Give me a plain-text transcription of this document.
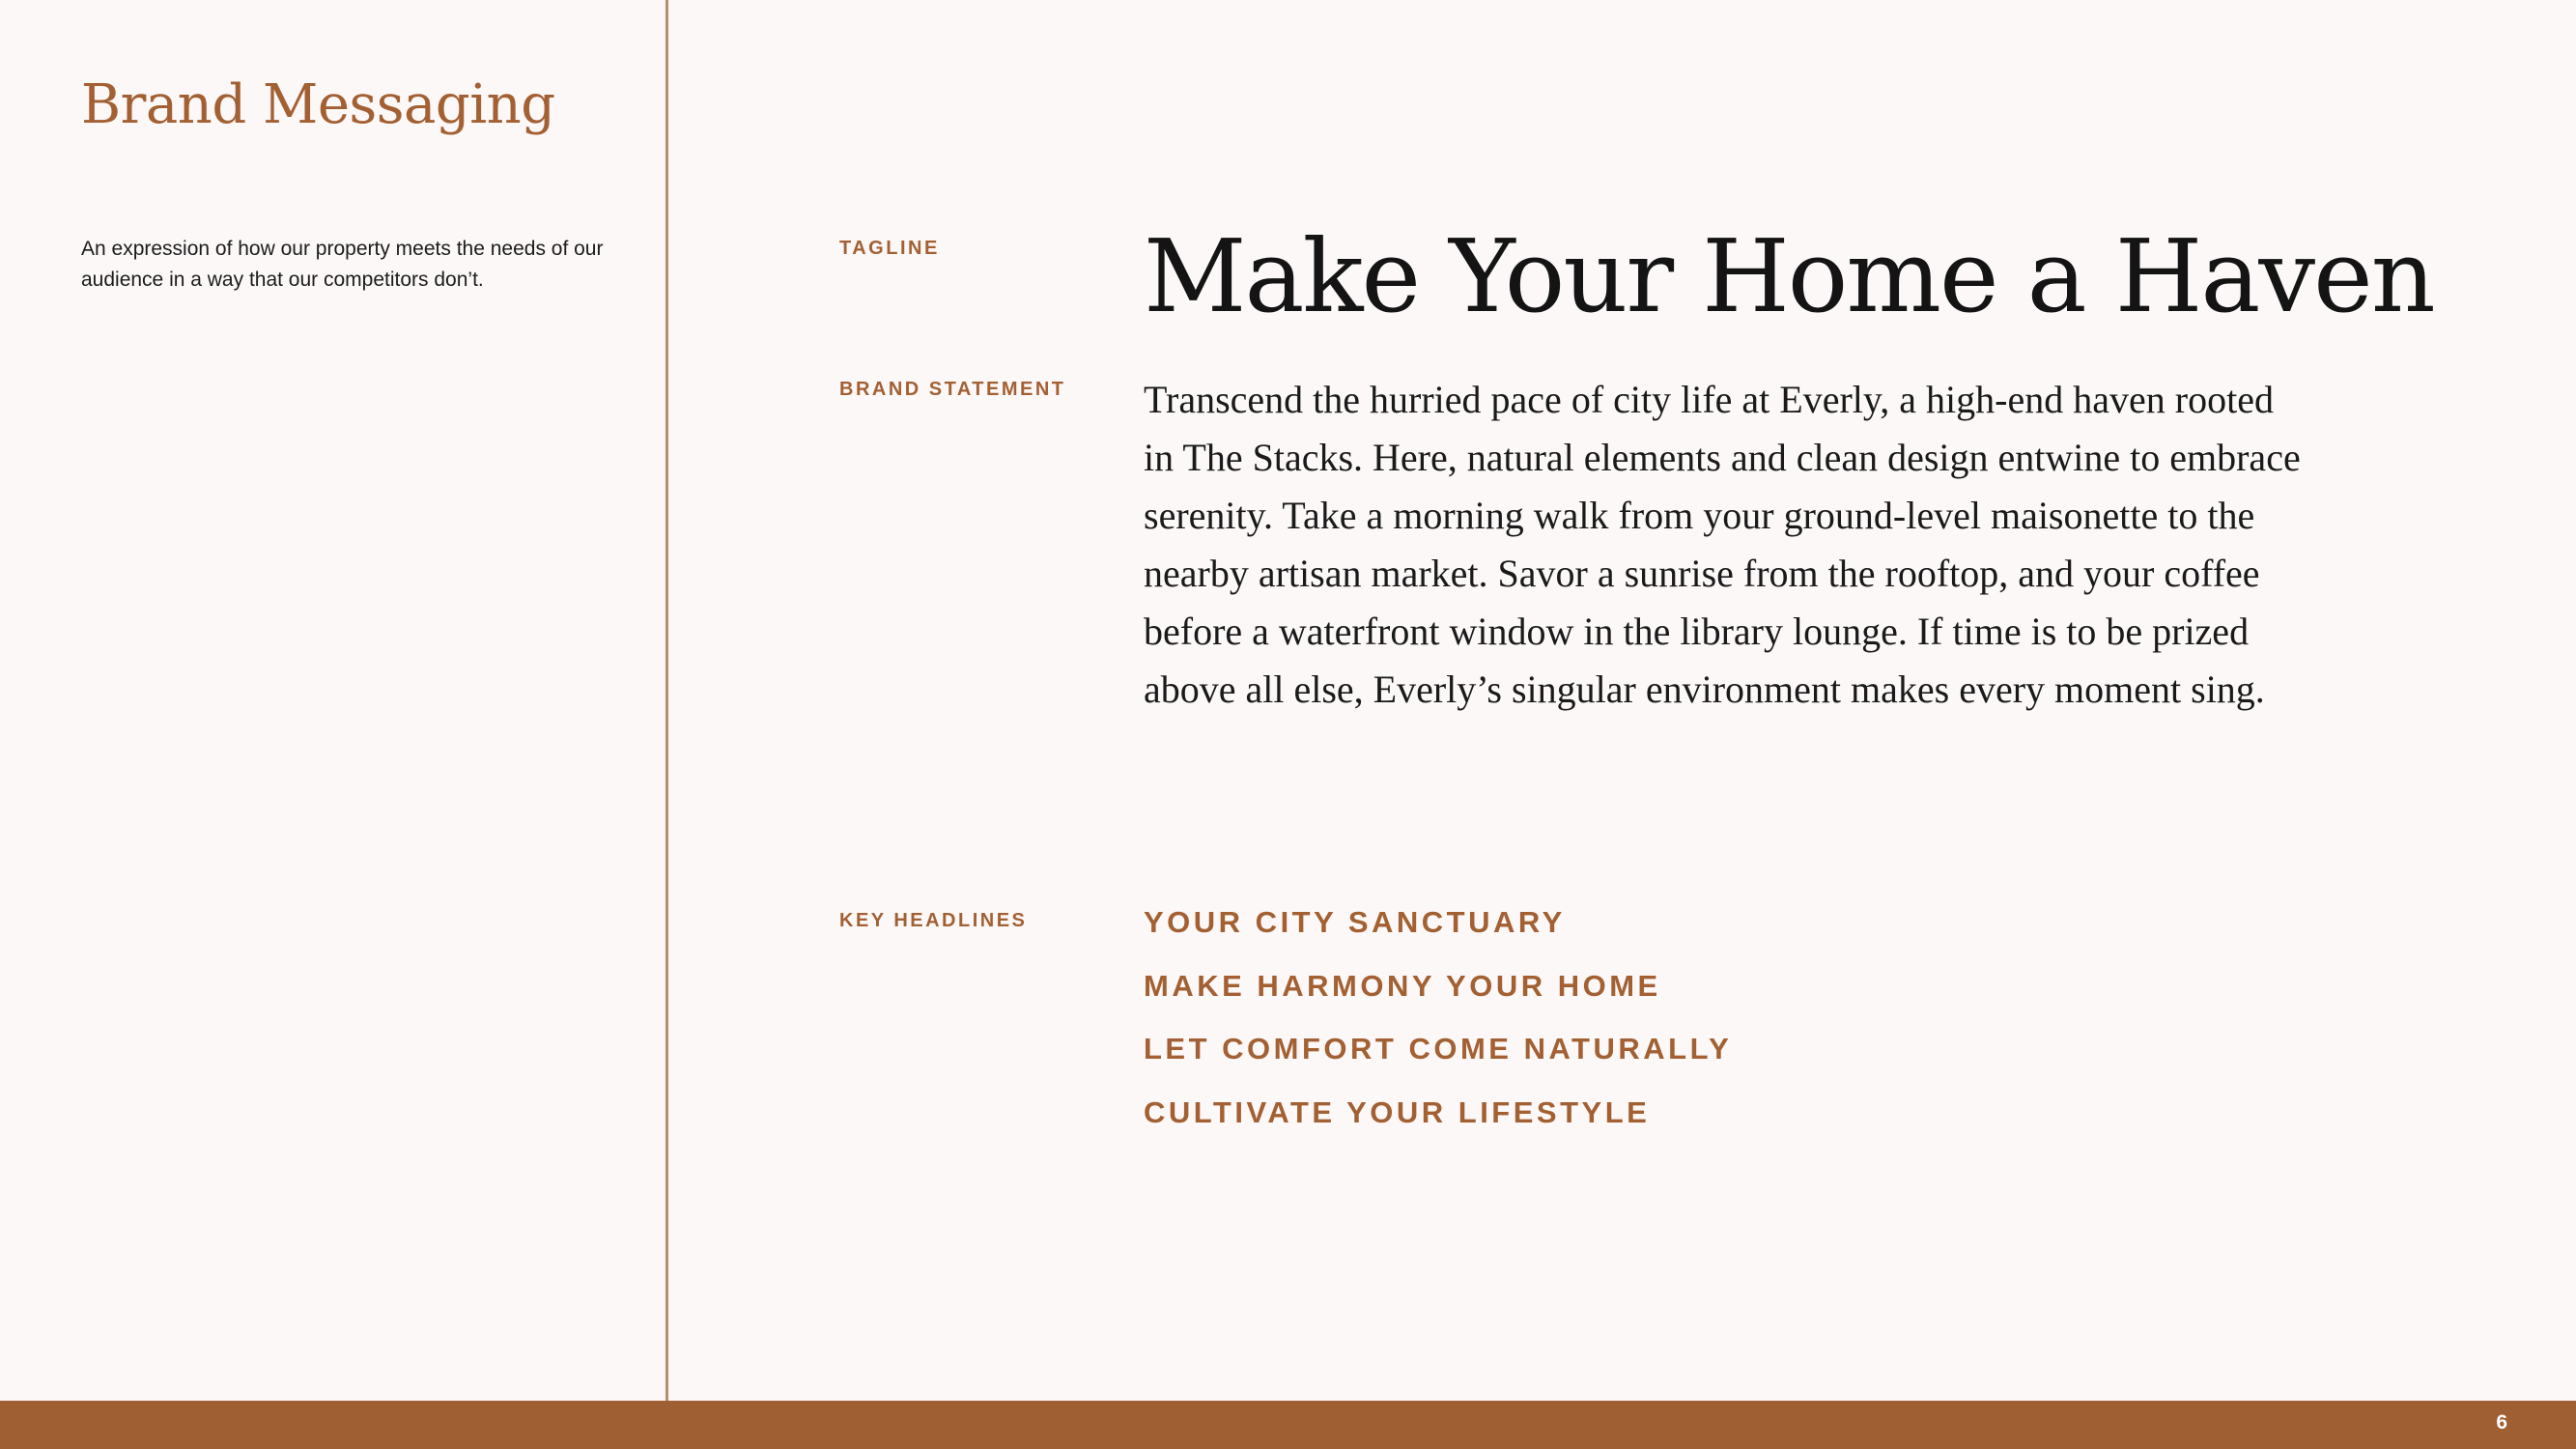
Brand Messaging

An expression of how our property meets the needs of our audience in a way that our competitors don’t.

TAGLINE Make Your Home a Haven

BRAND STATEMENT Transcend the hurried pace of city life at Everly, a high-end haven rooted in The Stacks. Here, natural elements and clean design entwine to embrace serenity. Take a morning walk from your ground-level maisonette to the nearby artisan market. Savor a sunrise from the rooftop, and your coffee before a waterfront window in the library lounge. If time is to be prized above all else, Everly’s singular environment makes every moment sing.

KEY HEADLINES	YOUR CITY SANCTUARY
MAKE HARMONY YOUR HOME
LET COMFORT COME NATURALLY
CULTIVATE YOUR LIFESTYLE
6
